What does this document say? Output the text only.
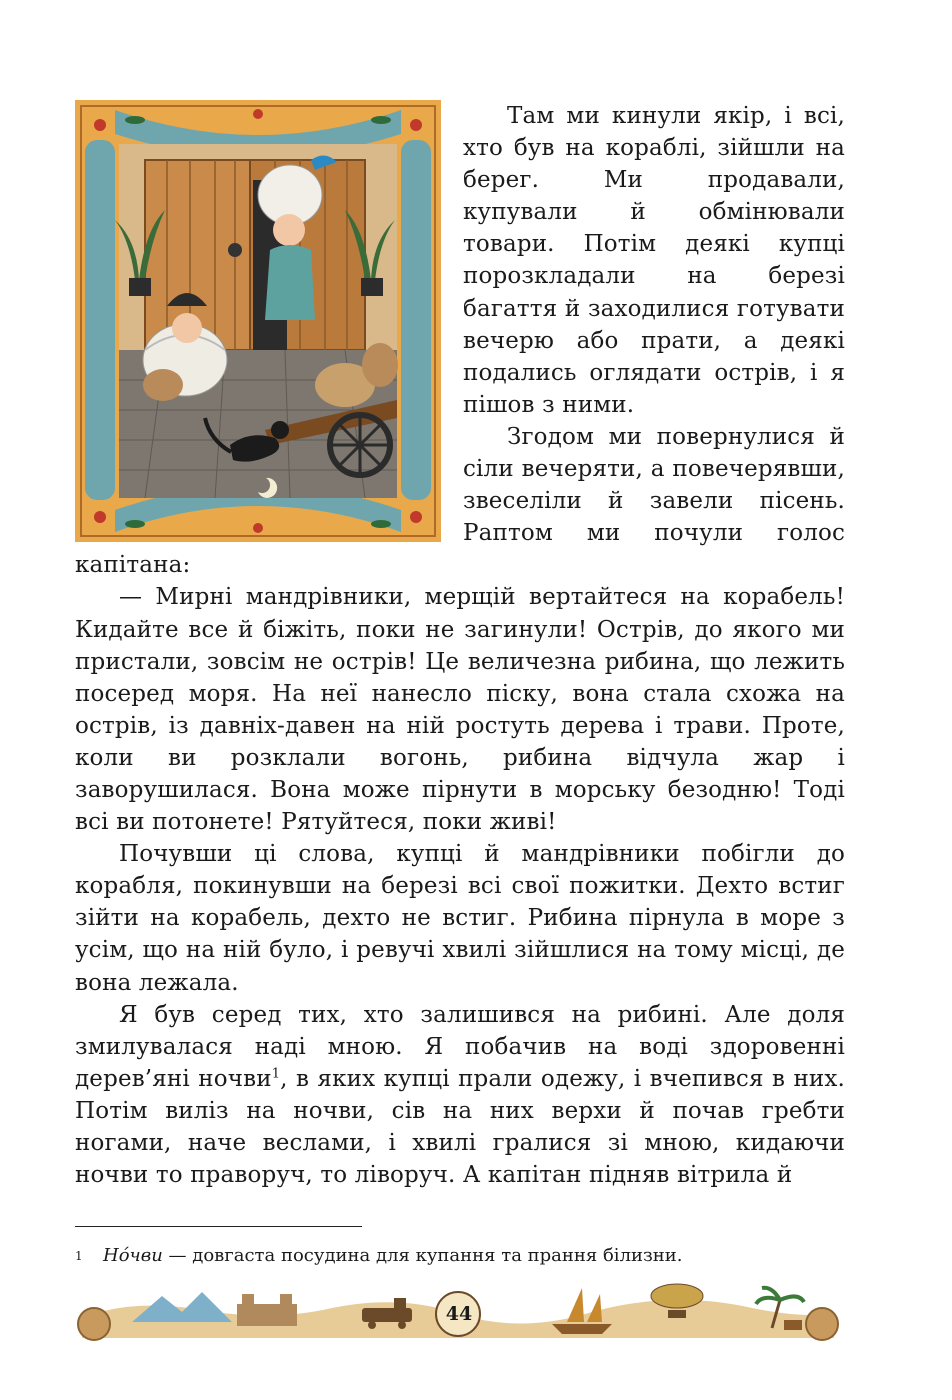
Там ми кинули якір, і всі, хто був на кораблі, зійшли на берег. Ми продавали, купували й обмінювали товари. Потім деякі купці порозкладали на березі багаття й заходилися готувати вечерю або прати, а деякі подались оглядати острів, і я пішов з ними.

Згодом ми повернулися й сіли вечеряти, а повечерявши, звеселіли й завели пісень. Раптом ми почули голос капітана:

— Мирні мандрівники, мерщій вертайтеся на корабель! Кидайте все й біжіть, поки не загинули! Острів, до якого ми пристали, зовсім не острів! Це величезна рибина, що лежить посеред моря. На неї нанесло піску, вона стала схожа на острів, із давніх-давен на ній ростуть дерева і трави. Проте, коли ви розклали вогонь, рибина відчула жар і заворушилася. Вона може пірнути в морську безодню! Тоді всі ви потонете! Рятуйтеся, поки живі!

Почувши ці слова, купці й мандрівники побігли до корабля, покинувши на березі всі свої пожитки. Дехто встиг зійти на корабель, дехто не встиг. Рибина пірнула в море з усім, що на ній було, і ревучі хвилі зійшлися на тому місці, де вона лежала.

Я був серед тих, хто залишився на рибині. Але доля змилувалася наді мною. Я побачив на воді здоровенні дерев’яні ночви$^1$, в яких купці прали одежу, і вчепився в них. Потім виліз на ночви, сів на них верхи й почав гребти ногами, наче веслами, і хвилі гралися зі мною, кидаючи ночви то праворуч, то ліворуч. А капітан підняв вітрила й

1 Но́чви — довгаста посудина для купання та прання білизни.
44
